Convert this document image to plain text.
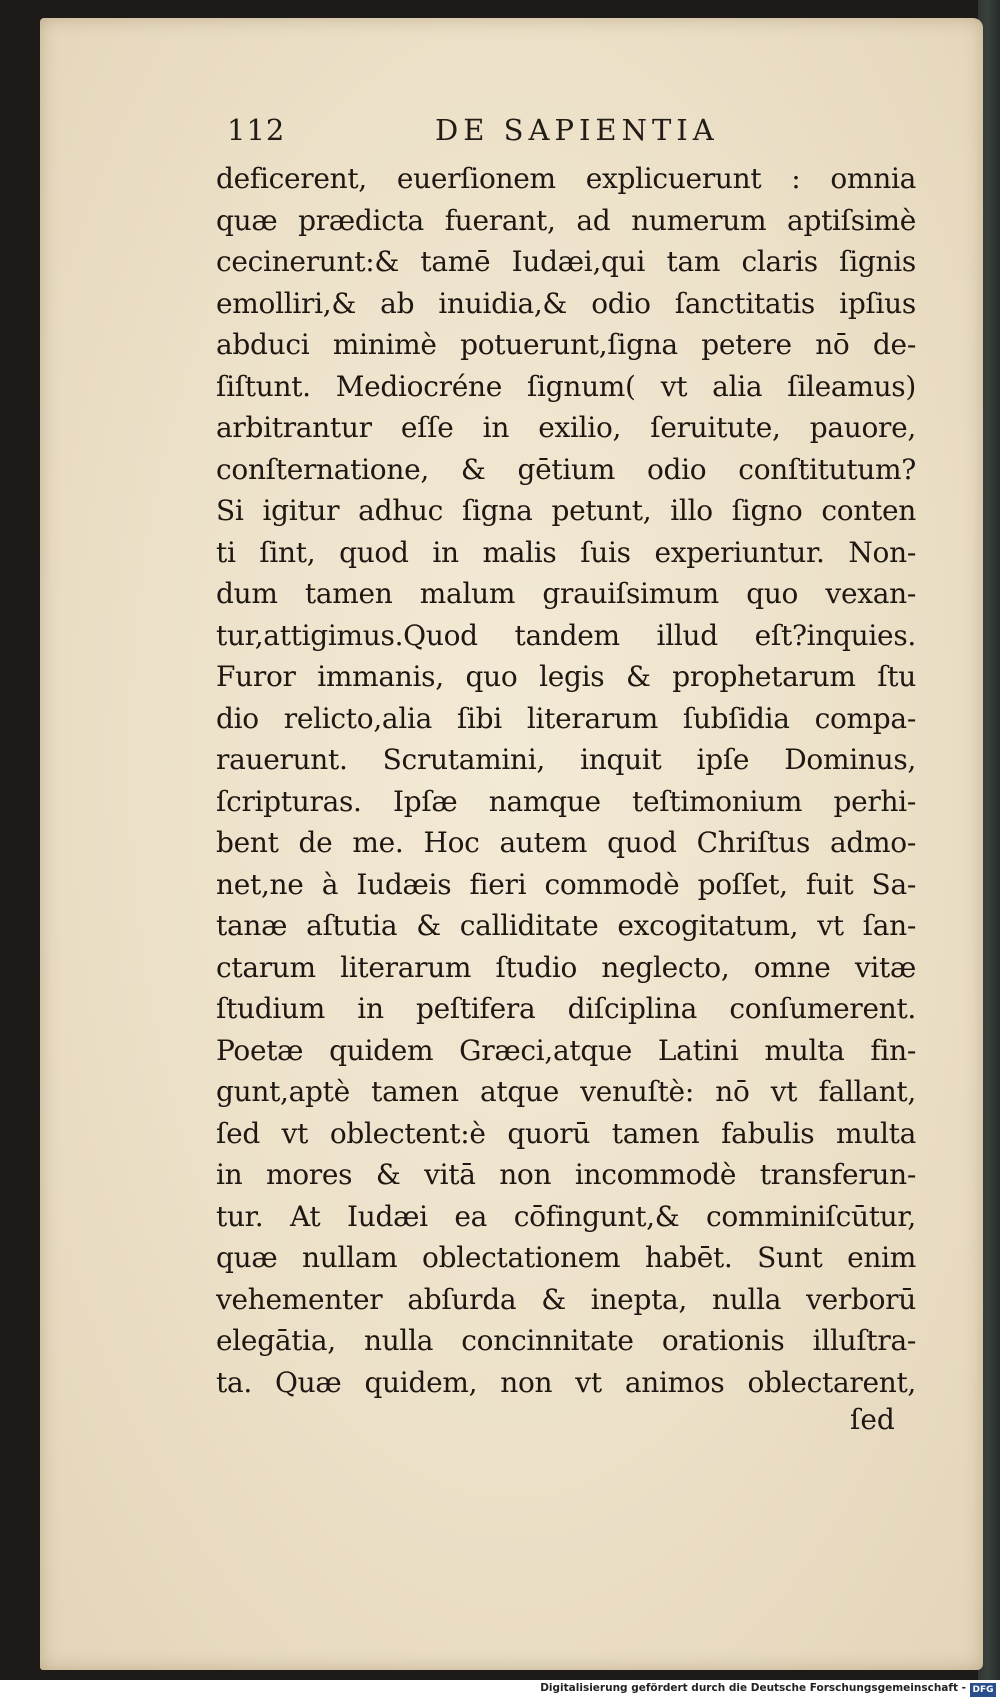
112	DE SAPIENTIA
deficerent, euerſionem explicuerunt : omnia
quæ prædicta fuerant, ad numerum aptiſsimè
cecinerunt:& tamē Iudæi,qui tam claris ſignis
emolliri,& ab inuidia,& odio ſanctitatis ipſius
abduci minimè potuerunt,ſigna petere nō de-
ſiſtunt. Mediocréne ſignum( vt alia ſileamus)
arbitrantur eſſe in exilio, ſeruitute, pauore,
conſternatione, & gētium odio conſtitutum?
Si igitur adhuc ſigna petunt, illo ſigno conten
ti ſint, quod in malis ſuis experiuntur. Non-
dum tamen malum grauiſsimum quo vexan-
tur,attigimus.Quod tandem illud eſt?inquies.
Furor immanis, quo legis & prophetarum ſtu
dio relicto,alia ſibi literarum ſubſidia compa-
rauerunt. Scrutamini, inquit ipſe Dominus,
ſcripturas. Ipſæ namque teſtimonium perhi-
bent de me. Hoc autem quod Chriſtus admo-
net,ne à Iudæis fieri commodè poſſet, fuit Sa-
tanæ aſtutia & calliditate excogitatum, vt ſan-
ctarum literarum ſtudio neglecto, omne vitæ
ſtudium in peſtifera diſciplina conſumerent.
Poetæ quidem Græci,atque Latini multa fin-
gunt,aptè tamen atque venuſtè: nō vt fallant,
ſed vt oblectent:è quorū tamen fabulis multa
in mores & vitā non incommodè transferun-
tur. At Iudæi ea cōfingunt,& comminiſcūtur,
quæ nullam oblectationem habēt. Sunt enim
vehementer abſurda & inepta, nulla verborū
elegātia, nulla concinnitate orationis illuſtra-
ta. Quæ quidem, non vt animos oblectarent,
ſed
Digitalisierung gefördert durch die Deutsche Forschungsgemeinschaft - DFG
